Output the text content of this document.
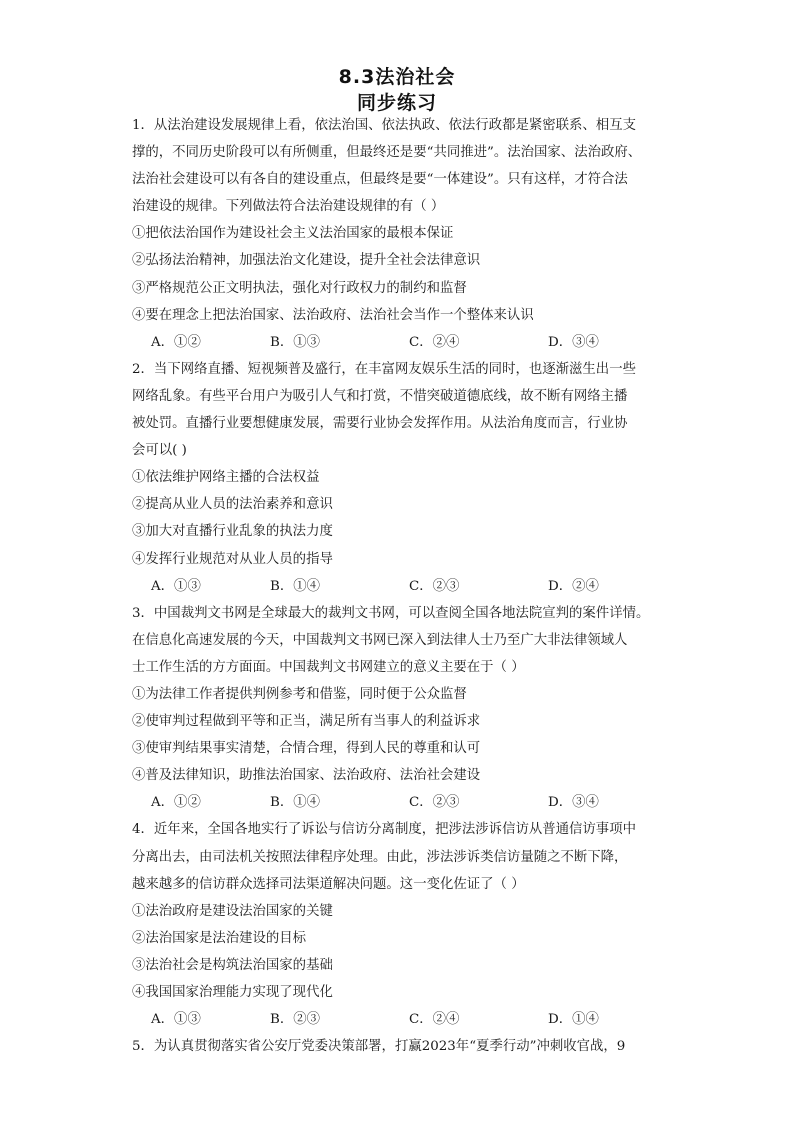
8.3法治社会
同步练习
1．从法治建设发展规律上看，依法治国、依法执政、依法行政都是紧密联系、相互支
撑的，不同历史阶段可以有所侧重，但最终还是要“共同推进”。法治国家、法治政府、
法治社会建设可以有各自的建设重点，但最终是要“一体建设”。只有这样，才符合法
治建设的规律。下列做法符合法治建设规律的有（ ）
①把依法治国作为建设社会主义法治国家的最根本保证
②弘扬法治精神，加强法治文化建设，提升全社会法律意识
③严格规范公正文明执法，强化对行政权力的制约和监督
④要在理念上把法治国家、法治政府、法治社会当作一个整体来认识
A．①②	B．①③	C．②④	D．③④
2．当下网络直播、短视频普及盛行，在丰富网友娱乐生活的同时，也逐渐滋生出一些
网络乱象。有些平台用户为吸引人气和打赏，不惜突破道德底线，故不断有网络主播
被处罚。直播行业要想健康发展，需要行业协会发挥作用。从法治角度而言，行业协
会可以( )
①依法维护网络主播的合法权益
②提高从业人员的法治素养和意识
③加大对直播行业乱象的执法力度
④发挥行业规范对从业人员的指导
A．①③	B．①④	C．②③	D．②④
3．中国裁判文书网是全球最大的裁判文书网，可以查阅全国各地法院宣判的案件详情。
在信息化高速发展的今天，中国裁判文书网已深入到法律人士乃至广大非法律领域人
士工作生活的方方面面。中国裁判文书网建立的意义主要在于（ ）
①为法律工作者提供判例参考和借鉴，同时便于公众监督
②使审判过程做到平等和正当，满足所有当事人的利益诉求
③使审判结果事实清楚，合情合理，得到人民的尊重和认可
④普及法律知识，助推法治国家、法治政府、法治社会建设
A．①②	B．①④	C．②③	D．③④
4．近年来，全国各地实行了诉讼与信访分离制度，把涉法涉诉信访从普通信访事项中
分离出去，由司法机关按照法律程序处理。由此，涉法涉诉类信访量随之不断下降，
越来越多的信访群众选择司法渠道解决问题。这一变化佐证了（ ）
①法治政府是建设法治国家的关键
②法治国家是法治建设的目标
③法治社会是构筑法治国家的基础
④我国国家治理能力实现了现代化
A．①③	B．②③	C．②④	D．①④
5．为认真贯彻落实省公安厅党委决策部署，打赢2023年“夏季行动”冲刺收官战，9
